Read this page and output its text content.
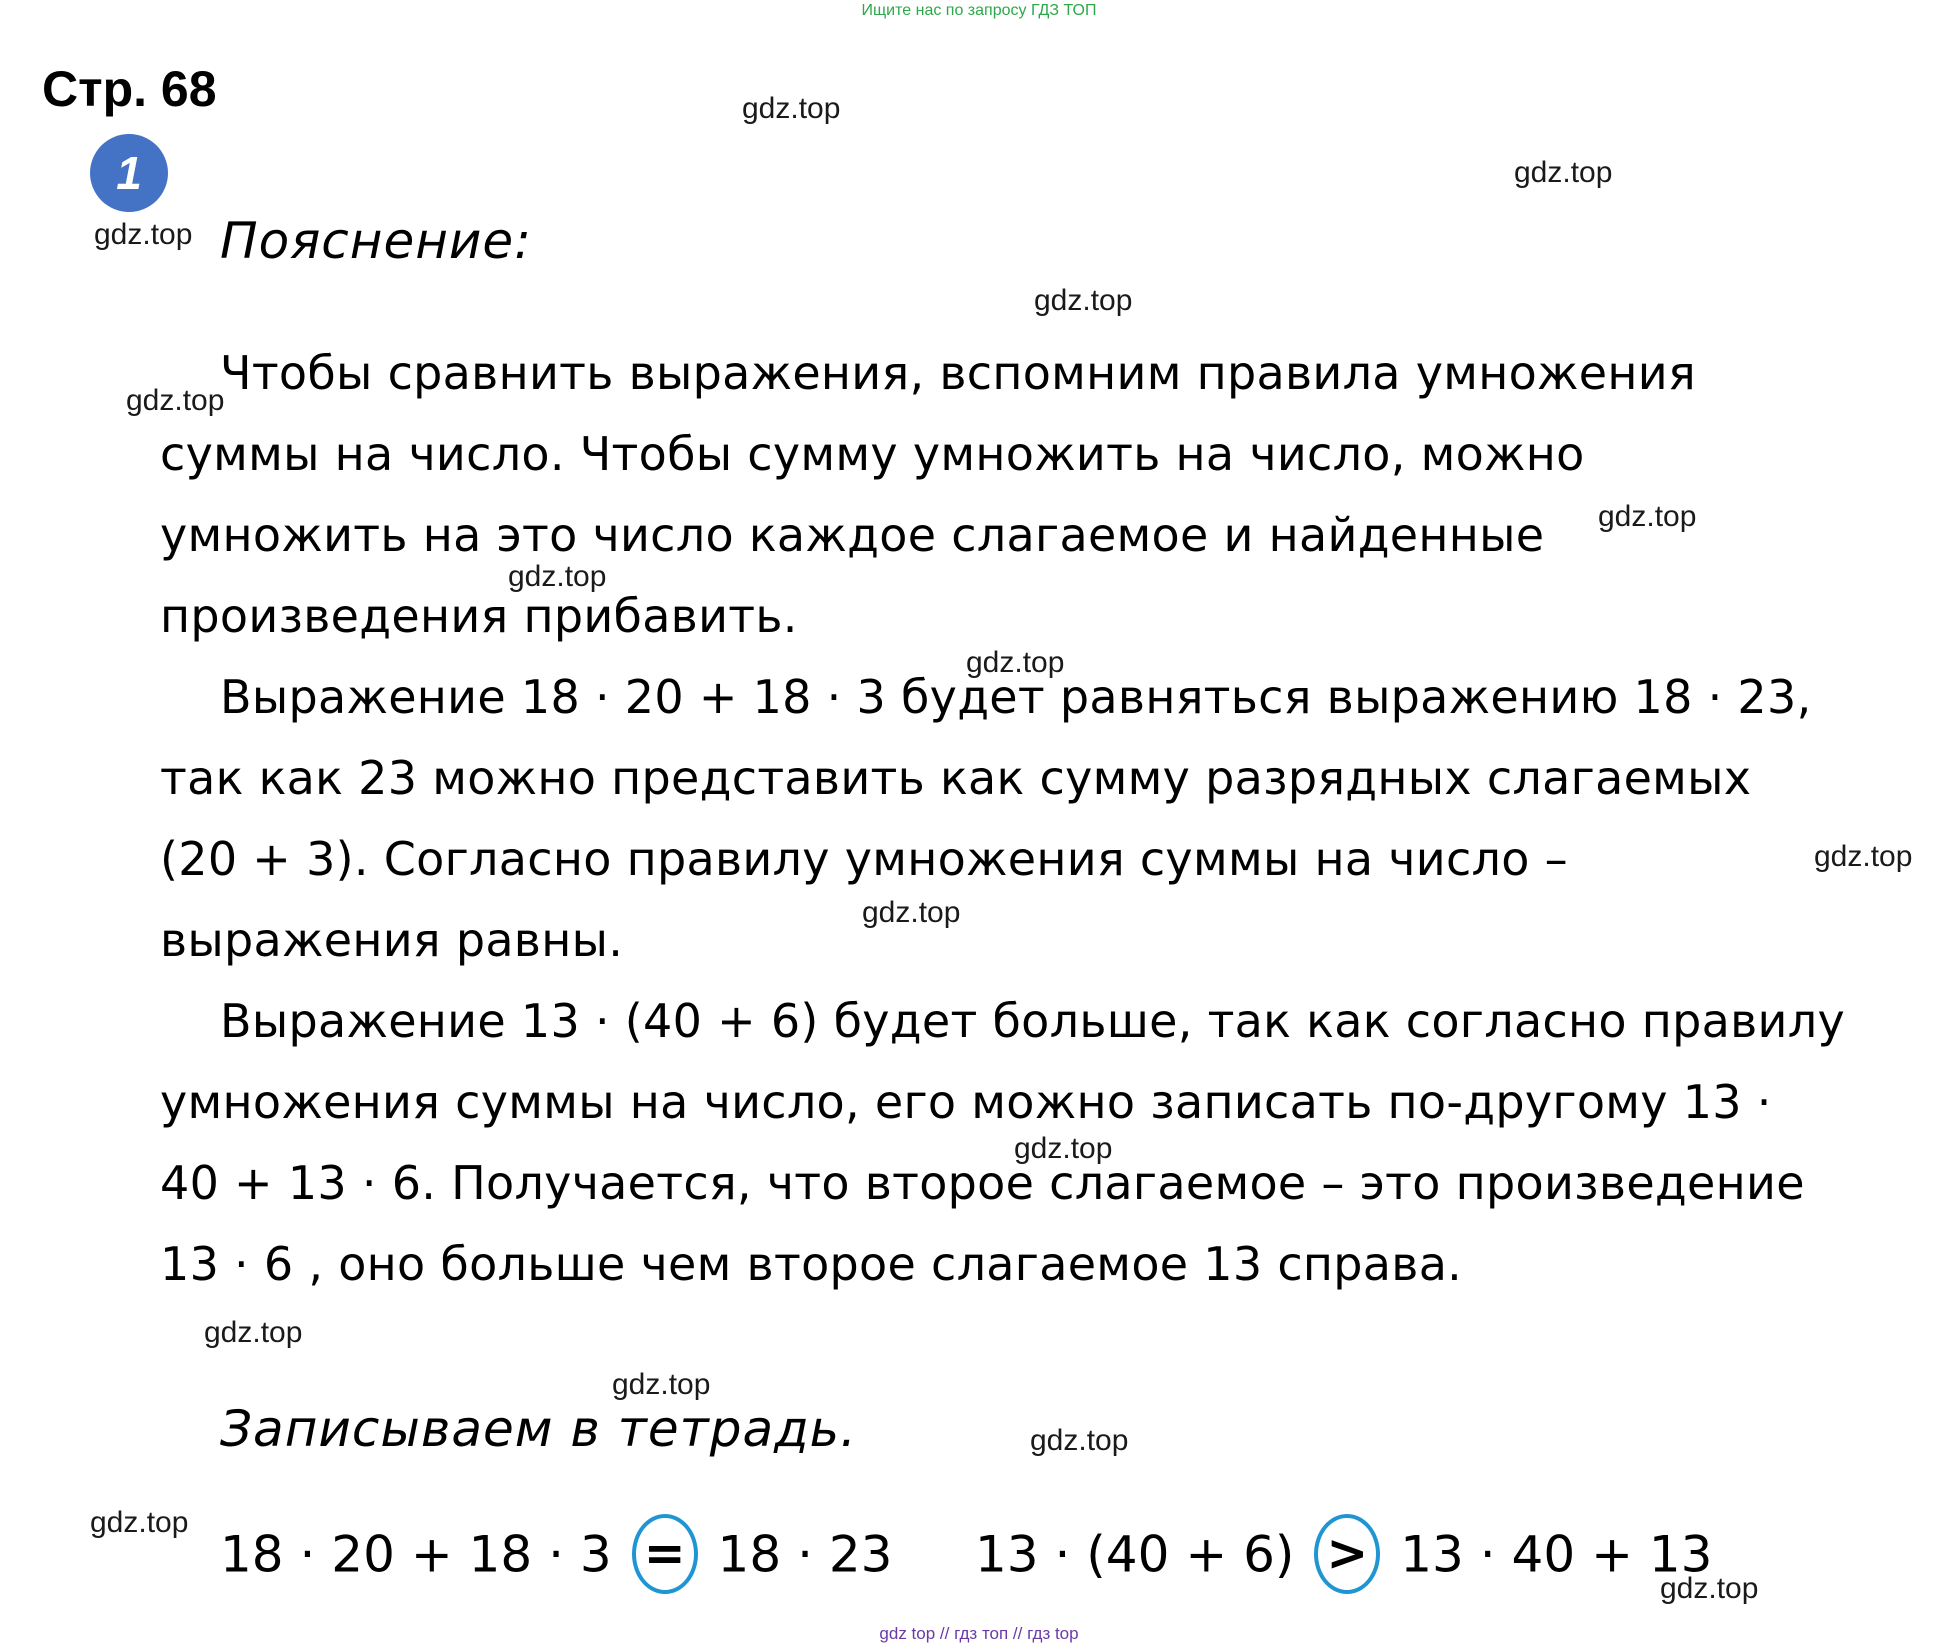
Ищите нас по запросу ГДЗ ТОП
Стр. 68
1
Пояснение:
Чтобы сравнить выражения, вспомним правила умножения
суммы на число. Чтобы сумму умножить на число, можно
умножить на это число каждое слагаемое и найденные
произведения прибавить.
Выражение 18 · 20 + 18 · 3 будет равняться выражению 18 · 23,
так как 23 можно представить как сумму разрядных слагаемых
(20 + 3). Согласно правилу умножения суммы на число –
выражения равны.
Выражение 13 · (40 + 6) будет больше, так как согласно правилу
умножения суммы на число, его можно записать по-другому 13 ·
40 + 13 · 6. Получается, что второе слагаемое – это произведение
13 · 6 , оно больше чем второе слагаемое 13 справа.
Записываем в тетрадь.
18 · 20 + 18 · 3 = 18 · 23 13 · (40 + 6) > 13 · 40 + 13
gdz.top
gdz.top
gdz.top
gdz.top
gdz.top
gdz.top
gdz.top
gdz.top
gdz.top
gdz.top
gdz.top
gdz.top
gdz.top
gdz.top
gdz.top
gdz.top
gdz top // гдз топ // гдз top
